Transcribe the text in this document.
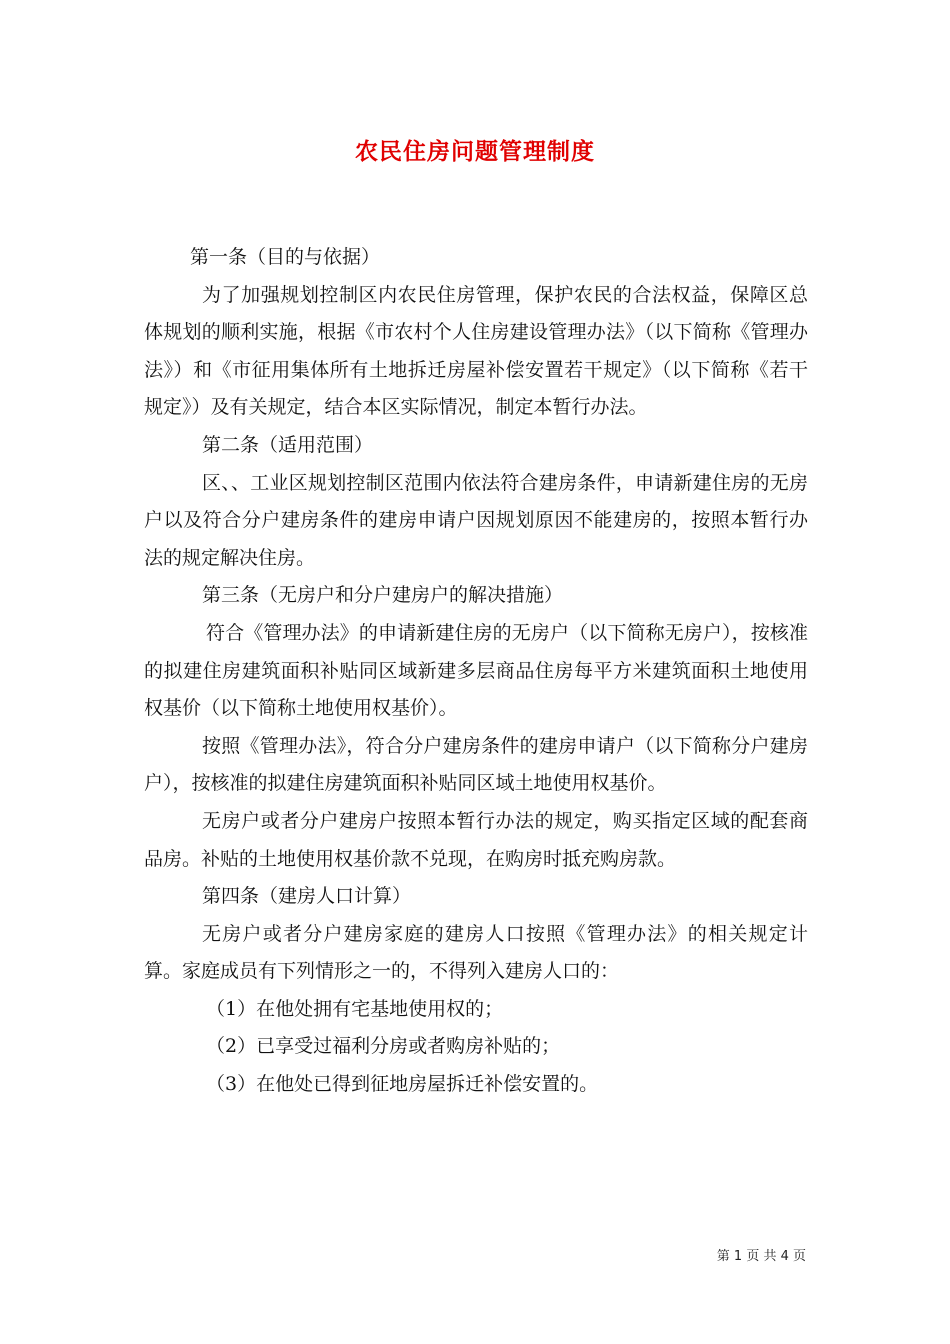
农民住房问题管理制度

第一条（目的与依据）

为了加强规划控制区内农民住房管理，保护农民的合法权益，保障区总体规划的顺利实施，根据《市农村个人住房建设管理办法》（以下简称《管理办法》）和《市征用集体所有土地拆迁房屋补偿安置若干规定》（以下简称《若干规定》）及有关规定，结合本区实际情况，制定本暂行办法。

第二条（适用范围）

区、、工业区规划控制区范围内依法符合建房条件，申请新建住房的无房户以及符合分户建房条件的建房申请户因规划原因不能建房的，按照本暂行办法的规定解决住房。

第三条（无房户和分户建房户的解决措施）

符合《管理办法》的申请新建住房的无房户（以下简称无房户），按核准的拟建住房建筑面积补贴同区域新建多层商品住房每平方米建筑面积土地使用权基价（以下简称土地使用权基价）。

按照《管理办法》，符合分户建房条件的建房申请户（以下简称分户建房户），按核准的拟建住房建筑面积补贴同区域土地使用权基价。

无房户或者分户建房户按照本暂行办法的规定，购买指定区域的配套商品房。补贴的土地使用权基价款不兑现，在购房时抵充购房款。

第四条（建房人口计算）

无房户或者分户建房家庭的建房人口按照《管理办法》的相关规定计算。家庭成员有下列情形之一的，不得列入建房人口的：

（1）在他处拥有宅基地使用权的；

（2）已享受过福利分房或者购房补贴的；

（3）在他处已得到征地房屋拆迁补偿安置的。

第 1 页 共 4 页
